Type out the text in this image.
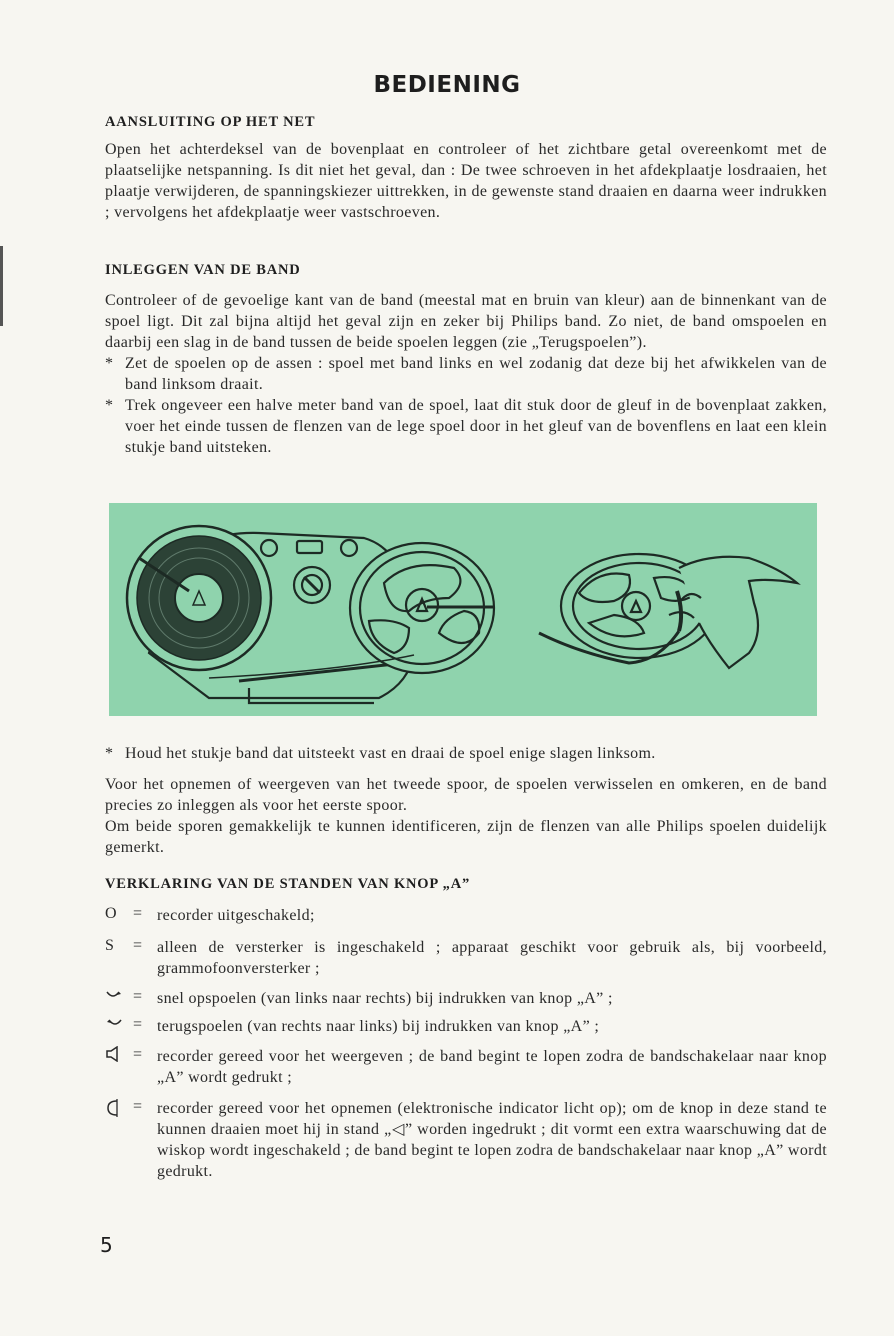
BEDIENING

AANSLUITING OP HET NET

Open het achterdeksel van de bovenplaat en controleer of het zichtbare getal overeenkomt met de plaatselijke netspanning. Is dit niet het geval, dan : De twee schroeven in het afdekplaatje losdraaien, het plaatje verwijderen, de spanningskiezer uittrekken, in de gewenste stand draaien en daarna weer indrukken ; vervolgens het afdekplaatje weer vastschroeven.

INLEGGEN VAN DE BAND

Controleer of de gevoelige kant van de band (meestal mat en bruin van kleur) aan de binnenkant van de spoel ligt. Dit zal bijna altijd het geval zijn en zeker bij Philips band. Zo niet, de band omspoelen en daarbij een slag in de band tussen de beide spoelen leggen (zie „Terugspoelen”).

* Zet de spoelen op de assen : spoel met band links en wel zodanig dat deze bij het afwikkelen van de band linksom draait.
* Trek ongeveer een halve meter band van de spoel, laat dit stuk door de gleuf in de bovenplaat zakken, voer het einde tussen de flenzen van de lege spoel door in het gleuf van de bovenflens en laat een klein stukje band uitsteken.
* Houd het stukje band dat uitsteekt vast en draai de spoel enige slagen linksom.

Voor het opnemen of weergeven van het tweede spoor, de spoelen verwisselen en omkeren, en de band precies zo inleggen als voor het eerste spoor.

Om beide sporen gemakkelijk te kunnen identificeren, zijn de flenzen van alle Philips spoelen duidelijk gemerkt.

VERKLARING VAN DE STANDEN VAN KNOP „A”

O	= recorder uitgeschakeld;
S	= alleen de versterker is ingeschakeld ; apparaat geschikt voor gebruik als, bij voorbeeld, grammofoonversterker ;
= snel opspoelen (van links naar rechts) bij indrukken van knop „A” ;
= terugspoelen (van rechts naar links) bij indrukken van knop „A” ;
= recorder gereed voor het weergeven ; de band begint te lopen zodra de bandschakelaar naar knop „A” wordt gedrukt ;
= recorder gereed voor het opnemen (elektronische indicator licht op); om de knop in deze stand te kunnen draaien moet hij in stand „◁” worden ingedrukt ; dit vormt een extra waarschuwing dat de wiskop wordt ingeschakeld ; de band begint te lopen zodra de bandschakelaar naar knop „A” wordt gedrukt.
5
